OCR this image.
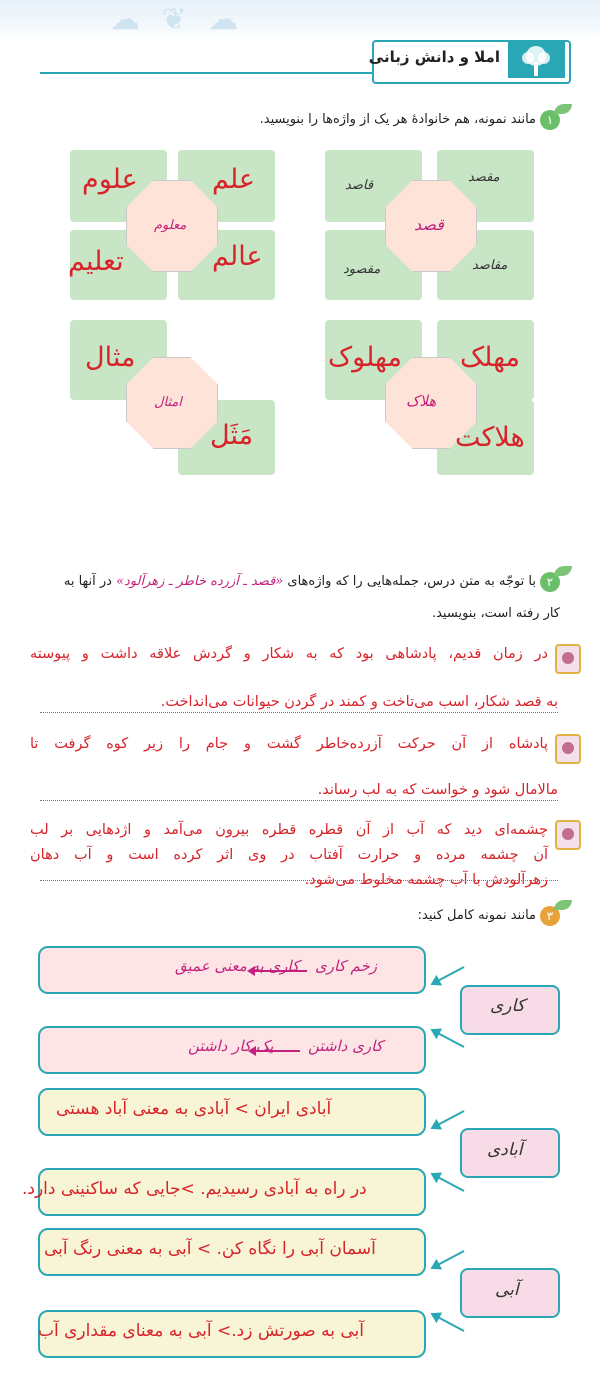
☁ ❦ ☁
املا و دانش زبانی
۱
مانند نمونه، هم خانوادهٔ هر یک از واژه‌ها را بنویسید.
مقصد
قاصد
مقاصد
مقصود
قصد
علم
علوم
عالم
تعلیم
معلوم
مهلک
مهلوک
هلاکت
هلاک
مثال
مَثَل
امثال
۲
با توجّه به متن درس، جمله‌هایی را که واژه‌های «قصد ـ آزرده خاطر ـ زهرآلود» در آنها به
کار رفته است، بنویسید.
در زمان قدیم، پادشاهی بود که به شکار و گردش علاقه داشت و پیوسته
به قصد شکار، اسب می‌تاخت و کمند در گردن حیوانات می‌انداخت.
پادشاه از آن حرکت آزرده‌خاطر گشت و جام را زیر کوه گرفت تا
مالامال شود و خواست که به لب رساند.
چشمه‌ای دید که آب از آن قطره قطره بیرون می‌آمد و اژدهایی بر لب
آن چشمه مرده و حرارت آفتاب در وی اثر کرده است و آب دهان
زهرآلودش با آب چشمه مخلوط می‌شود.
۳
مانند نمونه کامل کنید:
کاری
آبادی
آبی
زخم کاری
کاری به معنی عمیق
کاری داشتن
یک کار داشتن
آبادی ایران > آبادی به معنی آباد هستی
در راه به آبادی رسیدیم. >جایی که ساکنینی دارد.
آسمان آبی را نگاه کن. > آبی به معنی رنگ آبی
آبی به صورتش زد.> آبی به معنای مقداری آب
